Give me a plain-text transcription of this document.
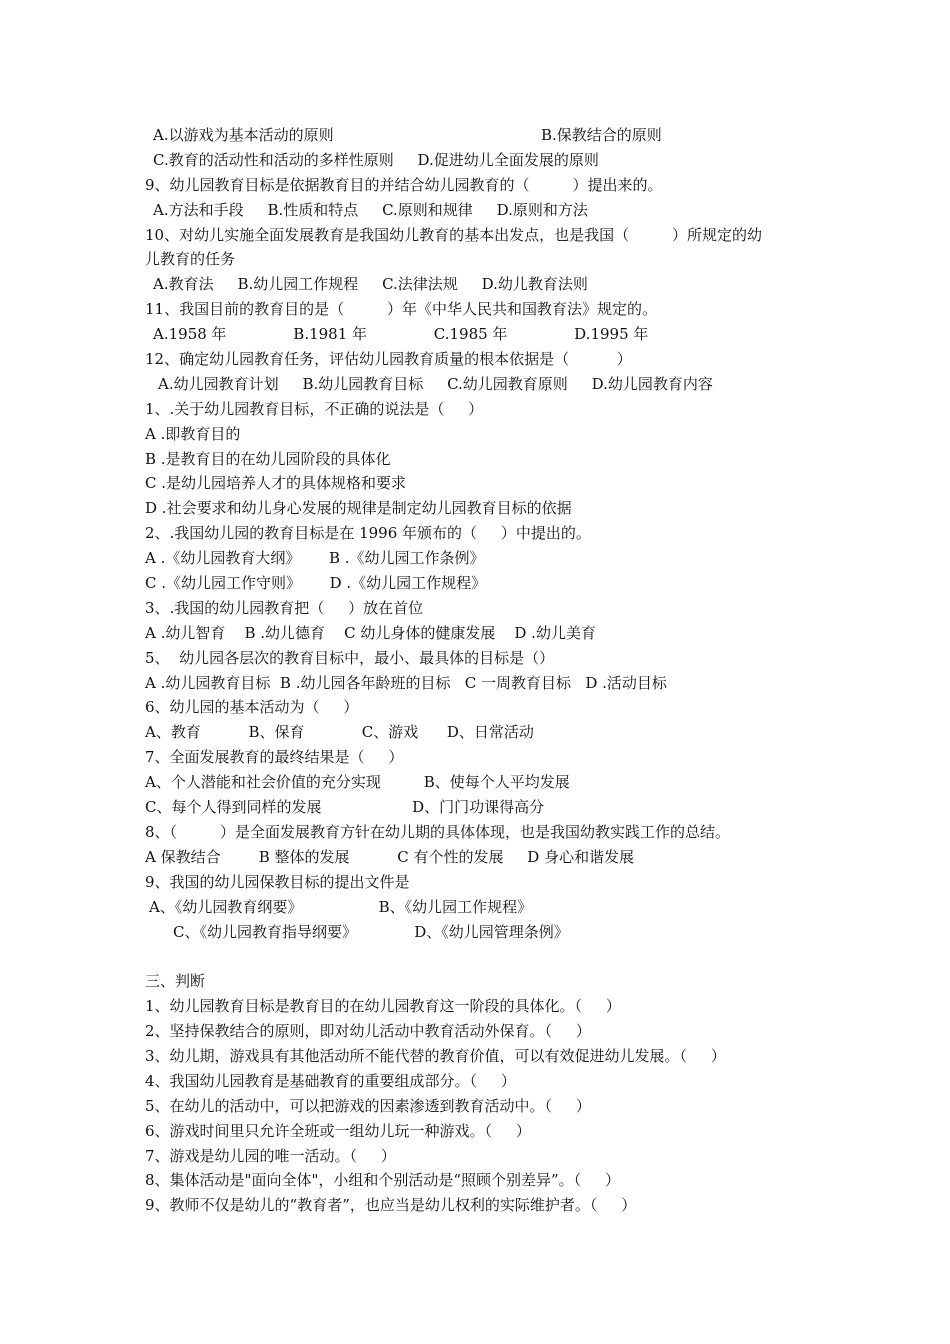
A.以游戏为基本活动的原则	B.保教结合的原则
C.教育的活动性和活动的多样性原则     D.促进幼儿全面发展的原则
9、幼儿园教育目标是依据教育目的并结合幼儿园教育的（         ）提出来的。
A.方法和手段     B.性质和特点     C.原则和规律     D.原则和方法
10、对幼儿实施全面发展教育是我国幼儿教育的基本出发点，也是我国（         ）所规定的幼
儿教育的任务
A.教育法     B.幼儿园工作规程     C.法律法规     D.幼儿教育法则
11、我国目前的教育目的是（         ）年《中华人民共和国教育法》规定的。
A.1958 年              B.1981 年              C.1985 年              D.1995 年
12、确定幼儿园教育任务，评估幼儿园教育质量的根本依据是（          ）
A.幼儿园教育计划     B.幼儿园教育目标     C.幼儿园教育原则     D.幼儿园教育内容
1、.关于幼儿园教育目标，不正确的说法是（     ）
A .即教育目的
B .是教育目的在幼儿园阶段的具体化
C .是幼儿园培养人才的具体规格和要求
D .社会要求和幼儿身心发展的规律是制定幼儿园教育目标的依据
2、.我国幼儿园的教育目标是在 1996 年颁布的（     ）中提出的。
A .《幼儿园教育大纲》      B .《幼儿园工作条例》
C .《幼儿园工作守则》      D .《幼儿园工作规程》
3、.我国的幼儿园教育把（     ）放在首位
A .幼儿智育    B .幼儿德育    C 幼儿身体的健康发展    D .幼儿美育
5、  幼儿园各层次的教育目标中，最小、最具体的目标是（）
A .幼儿园教育目标  B .幼儿园各年龄班的目标   C 一周教育目标   D .活动目标
6、幼儿园的基本活动为（     ）
A、教育          B、保育            C、游戏      D、日常活动
7、全面发展教育的最终结果是（     ）
A、个人潜能和社会价值的充分实现         B、使每个人平均发展
C、每个人得到同样的发展                   D、门门功课得高分
8、（         ）是全面发展教育方针在幼儿期的具体体现，也是我国幼教实践工作的总结。
A 保教结合        B 整体的发展          C 有个性的发展     D 身心和谐发展
9、我国的幼儿园保教目标的提出文件是
A、《幼儿园教育纲要》                B、《幼儿园工作规程》
C、《幼儿园教育指导纲要》            D、《幼儿园管理条例》
三、判断
1、幼儿园教育目标是教育目的在幼儿园教育这一阶段的具体化。（     ）
2、坚持保教结合的原则，即对幼儿活动中教育活动外保育。（     ）
3、幼儿期，游戏具有其他活动所不能代替的教育价值，可以有效促进幼儿发展。（     ）
4、我国幼儿园教育是基础教育的重要组成部分。（     ）
5、在幼儿的活动中，可以把游戏的因素渗透到教育活动中。（     ）
6、游戏时间里只允许全班或一组幼儿玩一种游戏。（     ）
7、游戏是幼儿园的唯一活动。（     ）
8、集体活动是"面向全体"，小组和个别活动是“照顾个别差异”。（     ）
9、教师不仅是幼儿的“教育者”，也应当是幼儿权利的实际维护者。（     ）
